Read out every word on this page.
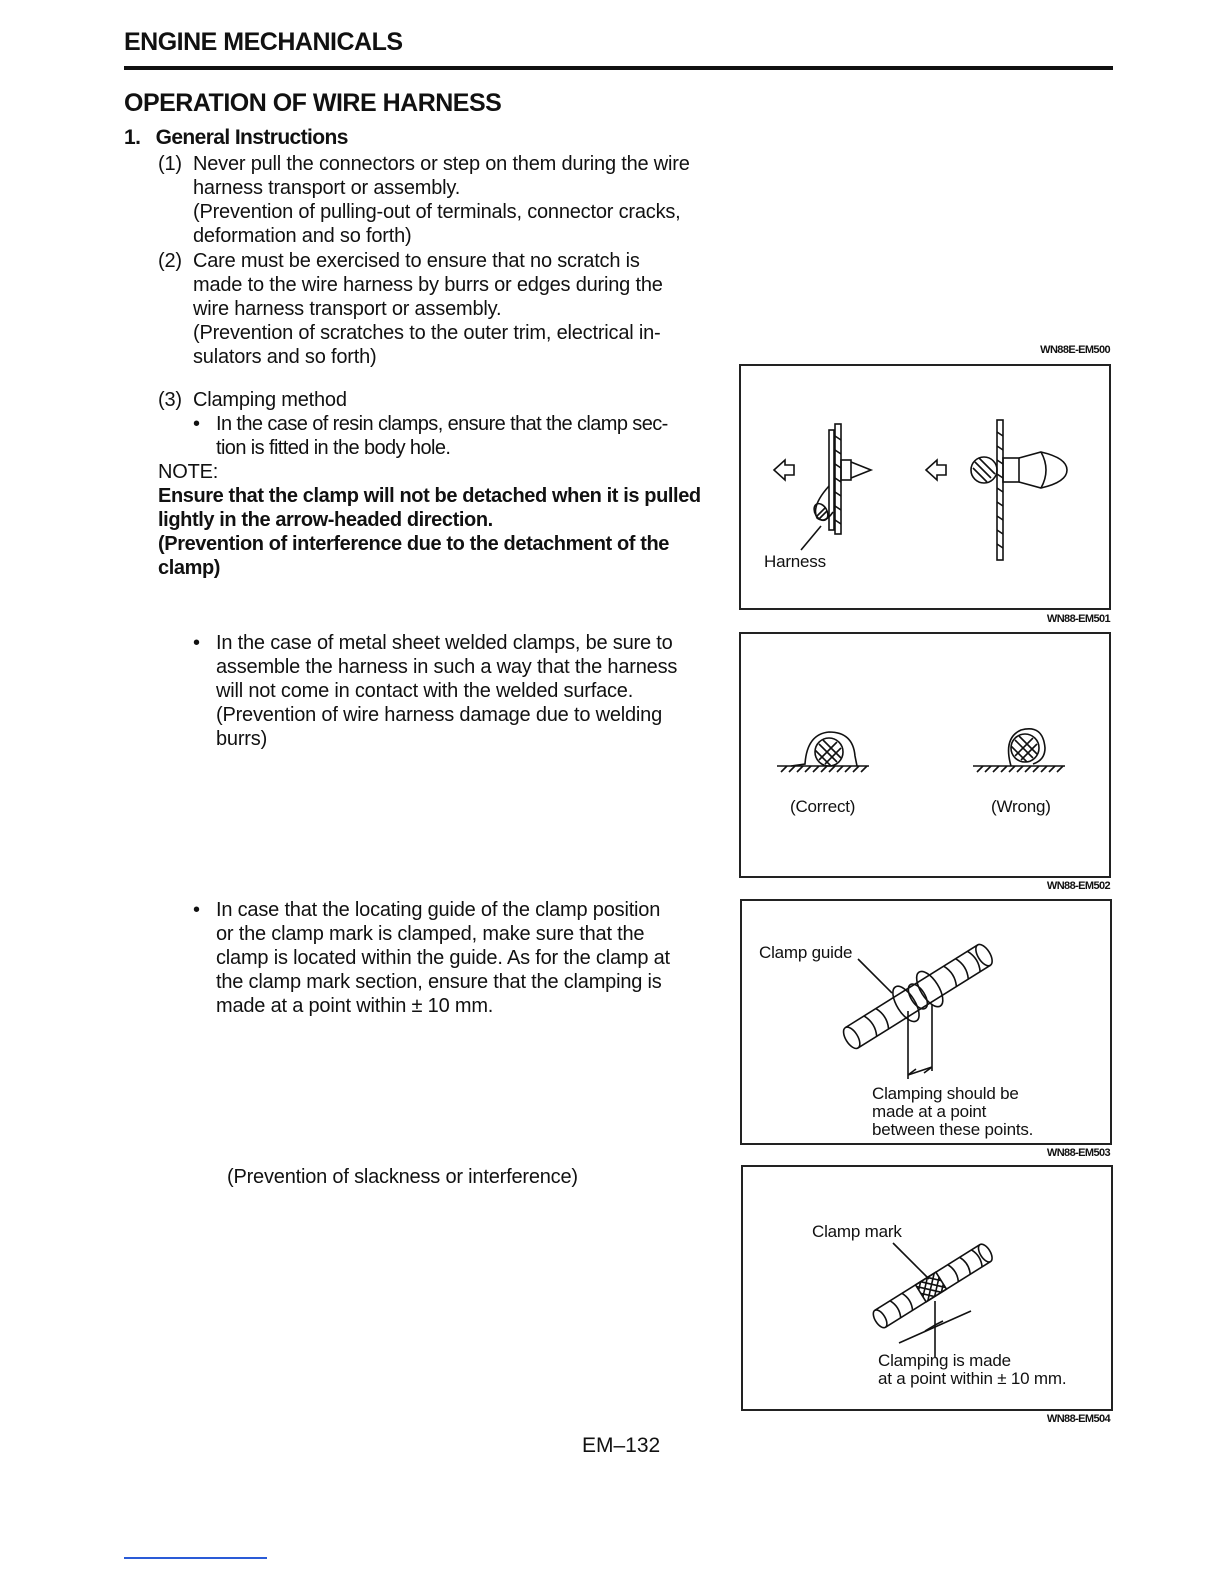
ENGINE MECHANICALS
OPERATION OF WIRE HARNESS
1. General Instructions
(1) Never pull the connectors or step on them during the wire
harness transport or assembly.
(Prevention of pulling-out of terminals, connector cracks,
deformation and so forth)
(2) Care must be exercised to ensure that no scratch is
made to the wire harness by burrs or edges during the
wire harness transport or assembly.
(Prevention of scratches to the outer trim, electrical in-
sulators and so forth)
(3) Clamping method
• In the case of resin clamps, ensure that the clamp sec-
tion is fitted in the body hole.
NOTE:
Ensure that the clamp will not be detached when it is pulled
lightly in the arrow-headed direction.
(Prevention of interference due to the detachment of the
clamp)
• In the case of metal sheet welded clamps, be sure to
assemble the harness in such a way that the harness
will not come in contact with the welded surface.
(Prevention of wire harness damage due to welding
burrs)
• In case that the locating guide of the clamp position
or the clamp mark is clamped, make sure that the
clamp is located within the guide. As for the clamp at
the clamp mark section, ensure that the clamping is
made at a point within ± 10 mm.
(Prevention of slackness or interference)
WN88E-EM500
Harness
WN88-EM501
(Correct)	(Wrong)
WN88-EM502
Clamp guide
Clamping should be
made at a point
between these points.
WN88-EM503
Clamp mark
Clamping is made
at a point within ± 10 mm.
WN88-EM504
EM–132
